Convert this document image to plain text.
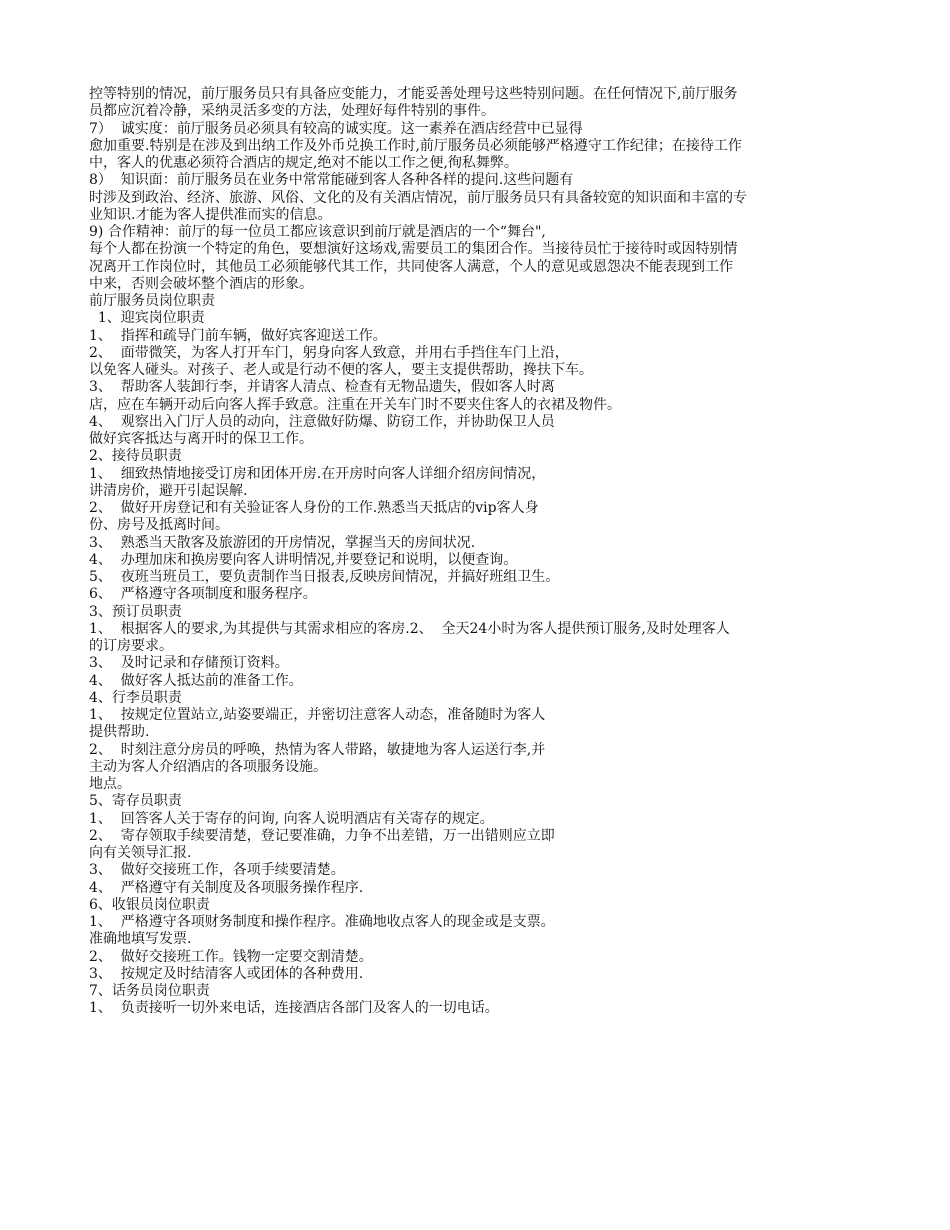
控等特别的情况，前厅服务员只有具备应变能力，才能妥善处理号这些特别问题。在任何情况下,前厅服务
员都应沉着冷静，采纳灵活多变的方法，处理好每件特别的事件。
7）  诚实度：前厅服务员必须具有较高的诚实度。这一素养在酒店经营中已显得
愈加重要.特别是在涉及到出纳工作及外币兑换工作时,前厅服务员必须能够严格遵守工作纪律；在接待工作
中，客人的优惠必须符合酒店的规定,绝对不能以工作之便,徇私舞弊。
8）  知识面：前厅服务员在业务中常常能碰到客人各种各样的提问.这些问题有
时涉及到政治、经济、旅游、风俗、文化的及有关酒店情况，前厅服务员只有具备较宽的知识面和丰富的专
业知识.才能为客人提供准而实的信息。
9) 合作精神：前厅的每一位员工都应该意识到前厅就是酒店的一个“舞台",
每个人都在扮演一个特定的角色，要想演好这场戏,需要员工的集团合作。当接待员忙于接待时或因特别情
况离开工作岗位时，其他员工必须能够代其工作，共同使客人满意，个人的意见或恩怨决不能表现到工作
中来，否则会破坏整个酒店的形象。
前厅服务员岗位职责
1、迎宾岗位职责
1、  指挥和疏导门前车辆，做好宾客迎送工作。
2、  面带微笑，为客人打开车门，躬身向客人致意，并用右手挡住车门上沿，
以免客人碰头。对孩子、老人或是行动不便的客人，要主支提供帮助，搀扶下车。
3、  帮助客人装卸行李，并请客人清点、检查有无物品遗失，假如客人时离
店，应在车辆开动后向客人挥手致意。注重在开关车门时不要夹住客人的衣裙及物件。
4、  观察出入门厅人员的动向，注意做好防爆、防窃工作，并协助保卫人员
做好宾客抵达与离开时的保卫工作。
2、接待员职责
1、  细致热情地接受订房和团体开房.在开房时向客人详细介绍房间情况，
讲清房价，避开引起误解.
2、  做好开房登记和有关验证客人身份的工作.熟悉当天抵店的vip客人身
份、房号及抵离时间。
3、  熟悉当天散客及旅游团的开房情况，掌握当天的房间状况.
4、  办理加床和换房要向客人讲明情况,并要登记和说明，以便查询。
5、  夜班当班员工，要负责制作当日报表,反映房间情况，并搞好班组卫生。
6、  严格遵守各项制度和服务程序。
3、预订员职责
1、  根据客人的要求,为其提供与其需求相应的客房.2、  全天24小时为客人提供预订服务,及时处理客人
的订房要求。
3、  及时记录和存储预订资料。
4、  做好客人抵达前的准备工作。
4、行李员职责
1、  按规定位置站立,站姿要端正，并密切注意客人动态，准备随时为客人
提供帮助.
2、  时刻注意分房员的呼唤，热情为客人带路，敏捷地为客人运送行李,并
主动为客人介绍酒店的各项服务设施。
地点。
5、寄存员职责
1、  回答客人关于寄存的问询, 向客人说明酒店有关寄存的规定。
2、  寄存领取手续要清楚，登记要准确，力争不出差错，万一出错则应立即
向有关领导汇报.
3、  做好交接班工作，各项手续要清楚。
4、  严格遵守有关制度及各项服务操作程序.
6、收银员岗位职责
1、  严格遵守各项财务制度和操作程序。准确地收点客人的现金或是支票。
准确地填写发票.
2、  做好交接班工作。钱物一定要交割清楚。
3、  按规定及时结清客人或团体的各种费用.
7、话务员岗位职责
1、  负责接听一切外来电话，连接酒店各部门及客人的一切电话。
